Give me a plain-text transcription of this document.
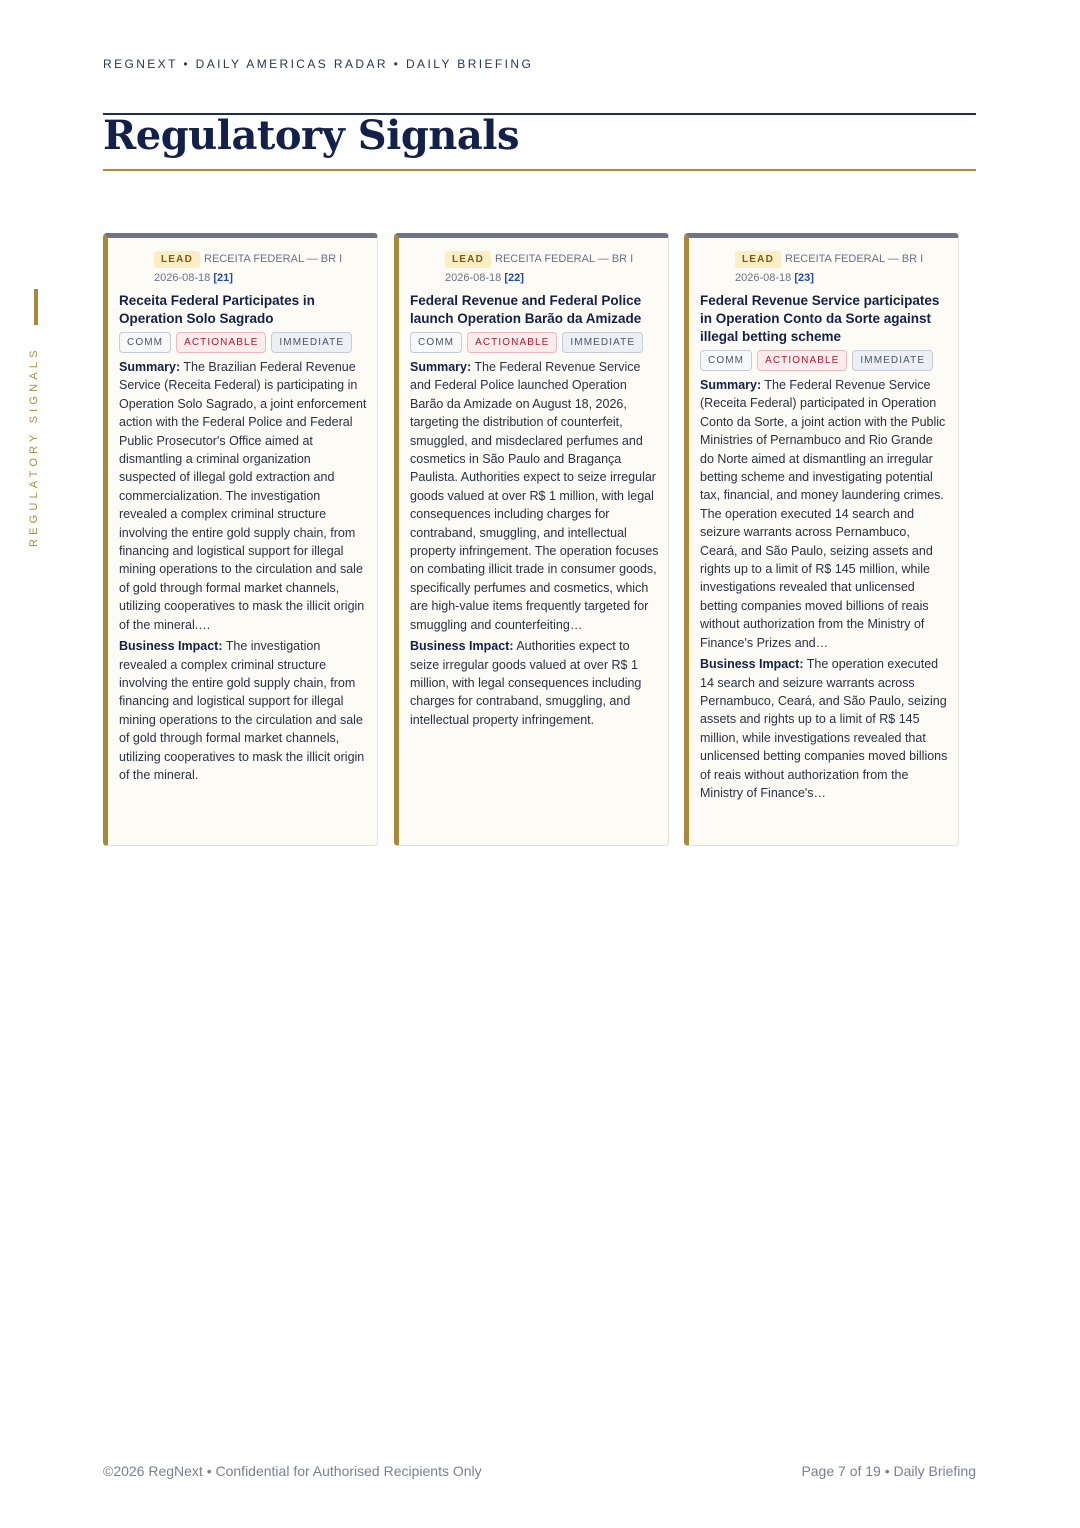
REGNEXT • DAILY AMERICAS RADAR • DAILY BRIEFING
Regulatory Signals
REGULATORY SIGNALS
LEAD RECEITA FEDERAL — BR I
2026-08-18 [21]
Receita Federal Participates in Operation Solo Sagrado
COMM ACTIONABLE IMMEDIATE

Summary: The Brazilian Federal Revenue Service (Receita Federal) is participating in Operation Solo Sagrado, a joint enforcement action with the Federal Police and Federal Public Prosecutor's Office aimed at dismantling a criminal organization suspected of illegal gold extraction and commercialization. The investigation revealed a complex criminal structure involving the entire gold supply chain, from financing and logistical support for illegal mining operations to the circulation and sale of gold through formal market channels, utilizing cooperatives to mask the illicit origin of the mineral.…

Business Impact: The investigation revealed a complex criminal structure involving the entire gold supply chain, from financing and logistical support for illegal mining operations to the circulation and sale of gold through formal market channels, utilizing cooperatives to mask the illicit origin of the mineral.

LEAD RECEITA FEDERAL — BR I
2026-08-18 [22]
Federal Revenue and Federal Police launch Operation Barão da Amizade
COMM ACTIONABLE IMMEDIATE

Summary: The Federal Revenue Service and Federal Police launched Operation Barão da Amizade on August 18, 2026, targeting the distribution of counterfeit, smuggled, and misdeclared perfumes and cosmetics in São Paulo and Bragança Paulista. Authorities expect to seize irregular goods valued at over R$ 1 million, with legal consequences including charges for contraband, smuggling, and intellectual property infringement. The operation focuses on combating illicit trade in consumer goods, specifically perfumes and cosmetics, which are high-value items frequently targeted for smuggling and counterfeiting…

Business Impact: Authorities expect to seize irregular goods valued at over R$ 1 million, with legal consequences including charges for contraband, smuggling, and intellectual property infringement.

LEAD RECEITA FEDERAL — BR I
2026-08-18 [23]
Federal Revenue Service participates in Operation Conto da Sorte against illegal betting scheme
COMM ACTIONABLE IMMEDIATE

Summary: The Federal Revenue Service (Receita Federal) participated in Operation Conto da Sorte, a joint action with the Public Ministries of Pernambuco and Rio Grande do Norte aimed at dismantling an irregular betting scheme and investigating potential tax, financial, and money laundering crimes. The operation executed 14 search and seizure warrants across Pernambuco, Ceará, and São Paulo, seizing assets and rights up to a limit of R$ 145 million, while investigations revealed that unlicensed betting companies moved billions of reais without authorization from the Ministry of Finance's Prizes and…

Business Impact: The operation executed 14 search and seizure warrants across Pernambuco, Ceará, and São Paulo, seizing assets and rights up to a limit of R$ 145 million, while investigations revealed that unlicensed betting companies moved billions of reais without authorization from the Ministry of Finance's…

©2026 RegNext • Confidential for Authorised Recipients Only	Page 7 of 19 • Daily Briefing
